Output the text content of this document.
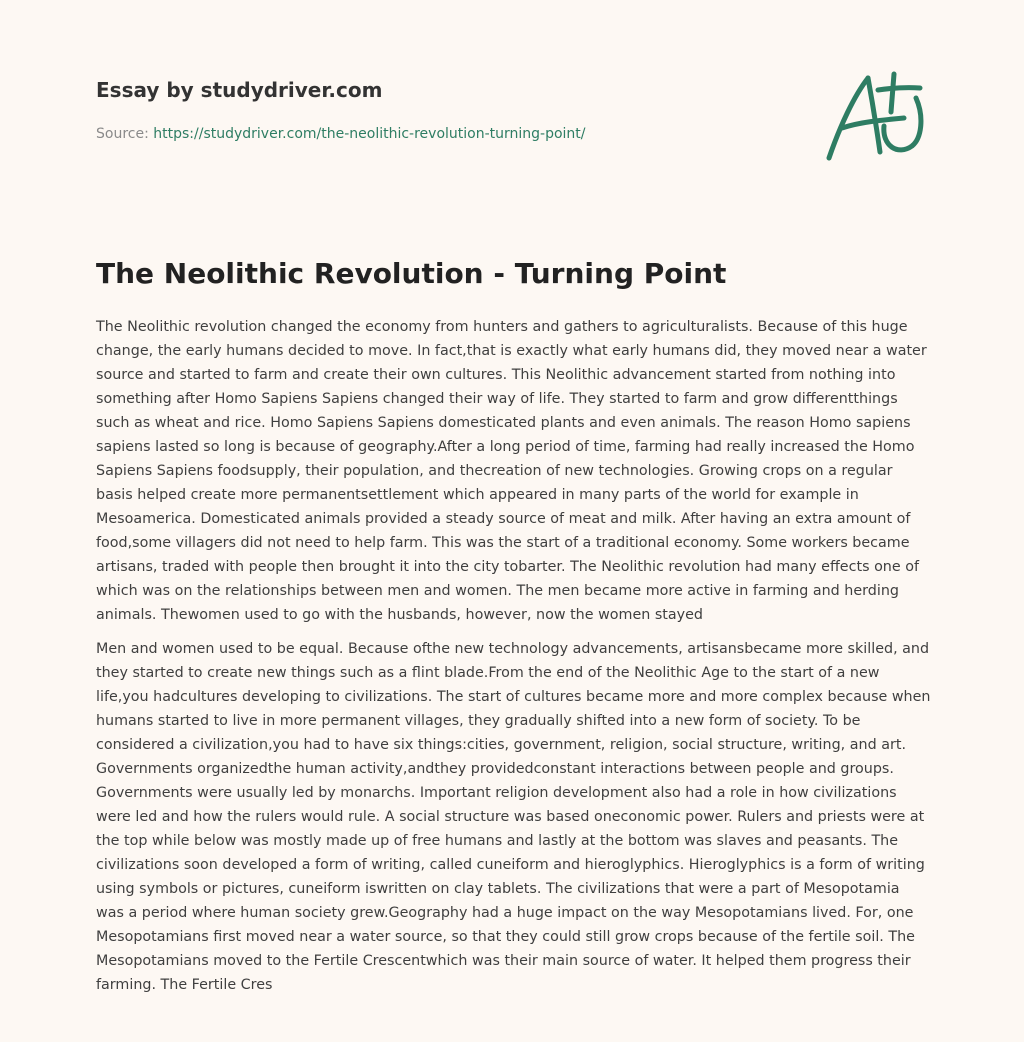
Essay by studydriver.com
Source: https://studydriver.com/the-neolithic-revolution-turning-point/
The Neolithic Revolution - Turning Point

The Neolithic revolution changed the economy from hunters and gathers to agriculturalists. Because of this huge change, the early humans decided to move. In fact,that is exactly what early humans did, they moved near a water source and started to farm and create their own cultures. This Neolithic advancement started from nothing into something after Homo Sapiens Sapiens changed their way of life. They started to farm and grow differentthings such as wheat and rice. Homo Sapiens Sapiens domesticated plants and even animals. The reason Homo sapiens sapiens lasted so long is because of geography.After a long period of time, farming had really increased the Homo Sapiens Sapiens foodsupply, their population, and thecreation of new technologies. Growing crops on a regular basis helped create more permanentsettlement which appeared in many parts of the world for example in Mesoamerica. Domesticated animals provided a steady source of meat and milk. After having an extra amount of food,some villagers did not need to help farm. This was the start of a traditional economy. Some workers became artisans, traded with people then brought it into the city tobarter. The Neolithic revolution had many effects one of which was on the relationships between men and women. The men became more active in farming and herding animals. Thewomen used to go with the husbands, however, now the women stayed

Men and women used to be equal. Because ofthe new technology advancements, artisansbecame more skilled, and they started to create new things such as a flint blade.From the end of the Neolithic Age to the start of a new life,you hadcultures developing to civilizations. The start of cultures became more and more complex because when humans started to live in more permanent villages, they gradually shifted into a new form of society. To be considered a civilization,you had to have six things:cities, government, religion, social structure, writing, and art. Governments organizedthe human activity,andthey providedconstant interactions between people and groups. Governments were usually led by monarchs. Important religion development also had a role in how civilizations were led and how the rulers would rule. A social structure was based oneconomic power. Rulers and priests were at the top while below was mostly made up of free humans and lastly at the bottom was slaves and peasants. The civilizations soon developed a form of writing, called cuneiform and hieroglyphics. Hieroglyphics is a form of writing using symbols or pictures, cuneiform iswritten on clay tablets. The civilizations that were a part of Mesopotamia was a period where human society grew.Geography had a huge impact on the way Mesopotamians lived. For, one Mesopotamians first moved near a water source, so that they could still grow crops because of the fertile soil. The Mesopotamians moved to the Fertile Crescentwhich was their main source of water. It helped them progress their farming. The Fertile Cres
